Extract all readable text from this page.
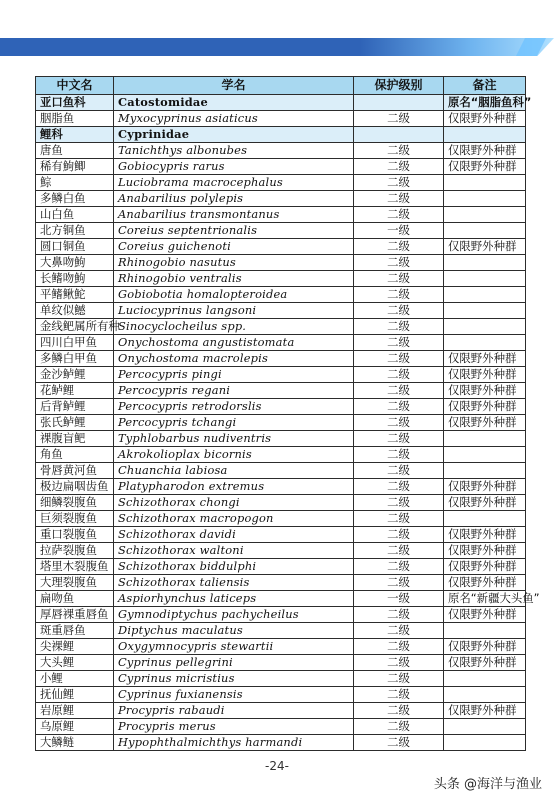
中文名	学名	保护级别	备注
亚口鱼科	Catostomidae		原名“胭脂鱼科”
胭脂鱼	Myxocyprinus asiaticus	二级	仅限野外种群
鲤科	Cyprinidae		
唐鱼	Tanichthys albonubes	二级	仅限野外种群
稀有鮈鲫	Gobiocypris rarus	二级	仅限野外种群
鯮	Luciobrama macrocephalus	二级	
多鳞白鱼	Anabarilius polylepis	二级	
山白鱼	Anabarilius transmontanus	二级	
北方铜鱼	Coreius septentrionalis	一级	
圆口铜鱼	Coreius guichenoti	二级	仅限野外种群
大鼻吻鮈	Rhinogobio nasutus	二级	
长鳍吻鮈	Rhinogobio ventralis	二级	
平鳍鳅鮀	Gobiobotia homalopteroidea	二级	
单纹似鳡	Luciocyprinus langsoni	二级	
金线鲃属所有种	Sinocyclocheilus spp.	二级	
四川白甲鱼	Onychostoma angustistomata	二级	
多鳞白甲鱼	Onychostoma macrolepis	二级	仅限野外种群
金沙鲈鲤	Percocypris pingi	二级	仅限野外种群
花鲈鲤	Percocypris regani	二级	仅限野外种群
后背鲈鲤	Percocypris retrodorslis	二级	仅限野外种群
张氏鲈鲤	Percocypris tchangi	二级	仅限野外种群
裸腹盲鲃	Typhlobarbus nudiventris	二级	
角鱼	Akrokolioplax bicornis	二级	
骨唇黄河鱼	Chuanchia labiosa	二级	
极边扁咽齿鱼	Platypharodon extremus	二级	仅限野外种群
细鳞裂腹鱼	Schizothorax chongi	二级	仅限野外种群
巨须裂腹鱼	Schizothorax macropogon	二级	
重口裂腹鱼	Schizothorax davidi	二级	仅限野外种群
拉萨裂腹鱼	Schizothorax waltoni	二级	仅限野外种群
塔里木裂腹鱼	Schizothorax biddulphi	二级	仅限野外种群
大理裂腹鱼	Schizothorax taliensis	二级	仅限野外种群
扁吻鱼	Aspiorhynchus laticeps	一级	原名“新疆大头鱼”
厚唇裸重唇鱼	Gymnodiptychus pachycheilus	二级	仅限野外种群
斑重唇鱼	Diptychus maculatus	二级	
尖裸鲤	Oxygymnocypris stewartii	二级	仅限野外种群
大头鲤	Cyprinus pellegrini	二级	仅限野外种群
小鲤	Cyprinus micristius	二级	
抚仙鲤	Cyprinus fuxianensis	二级	
岩原鲤	Procypris rabaudi	二级	仅限野外种群
乌原鲤	Procypris merus	二级	
大鳞鲢	Hypophthalmichthys harmandi	二级	
-24-
头条 @海洋与渔业
